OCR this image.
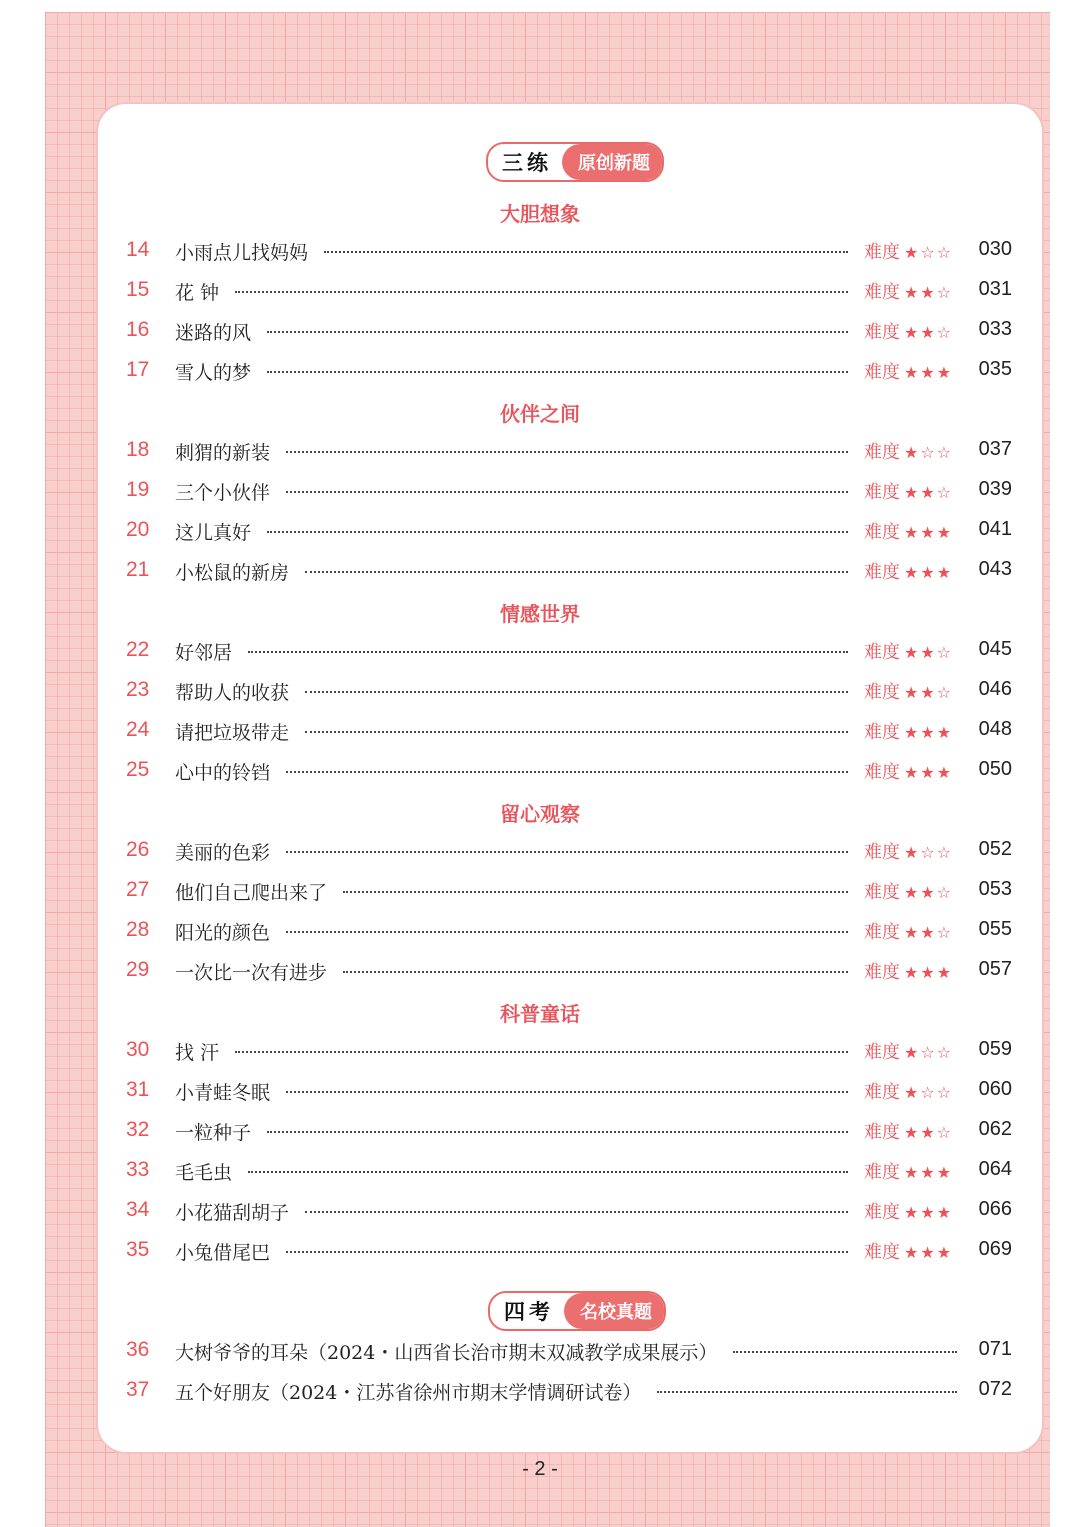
三练	原创新题
大胆想象
14	小雨点儿找妈妈	难度 ★☆☆ 030
15	花 钟	难度 ★★☆ 031
16	迷路的风	难度 ★★☆ 033
17	雪人的梦	难度 ★★★ 035
伙伴之间
18	刺猬的新装	难度 ★☆☆ 037
19	三个小伙伴	难度 ★★☆ 039
20	这儿真好	难度 ★★★ 041
21	小松鼠的新房	难度 ★★★ 043
情感世界
22	好邻居	难度 ★★☆ 045
23	帮助人的收获	难度 ★★☆ 046
24	请把垃圾带走	难度 ★★★ 048
25	心中的铃铛	难度 ★★★ 050
留心观察
26	美丽的色彩	难度 ★☆☆ 052
27	他们自己爬出来了	难度 ★★☆ 053
28	阳光的颜色	难度 ★★☆ 055
29	一次比一次有进步	难度 ★★★ 057
科普童话
30	找 汗	难度 ★☆☆ 059
31	小青蛙冬眠	难度 ★☆☆ 060
32	一粒种子	难度 ★★☆ 062
33	毛毛虫	难度 ★★★ 064
34	小花猫刮胡子	难度 ★★★ 066
35	小兔借尾巴	难度 ★★★ 069
四考	名校真题
36	大树爷爷的耳朵（2024・山西省长治市期末双减教学成果展示）	071
37	五个好朋友（2024・江苏省徐州市期末学情调研试卷）	072
- 2 -
